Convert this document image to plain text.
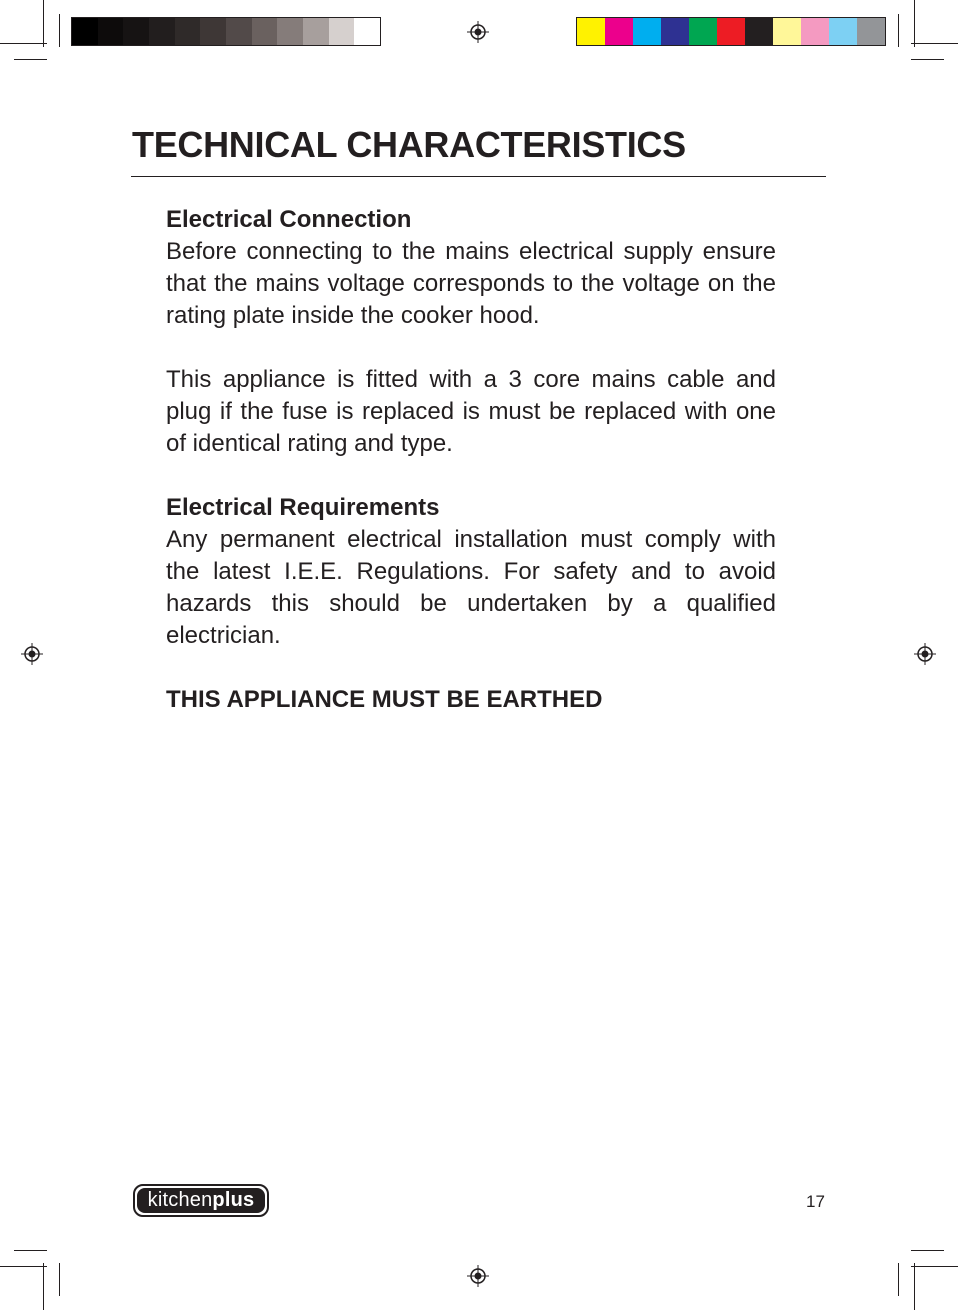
TECHNICAL CHARACTERISTICS
Electrical Connection

Before connecting to the mains electrical supply ensure that the mains voltage corresponds to the voltage on the rating plate inside the cooker hood.

This appliance is fitted with a 3 core mains cable and plug if the fuse is replaced is must be replaced with one of identical rating and type.

Electrical Requirements

Any permanent electrical installation must comply with the latest I.E.E. Regulations. For safety and to avoid hazards this should be undertaken by a qualified electrician.

THIS APPLIANCE MUST BE EARTHED

kitchen plus	17
